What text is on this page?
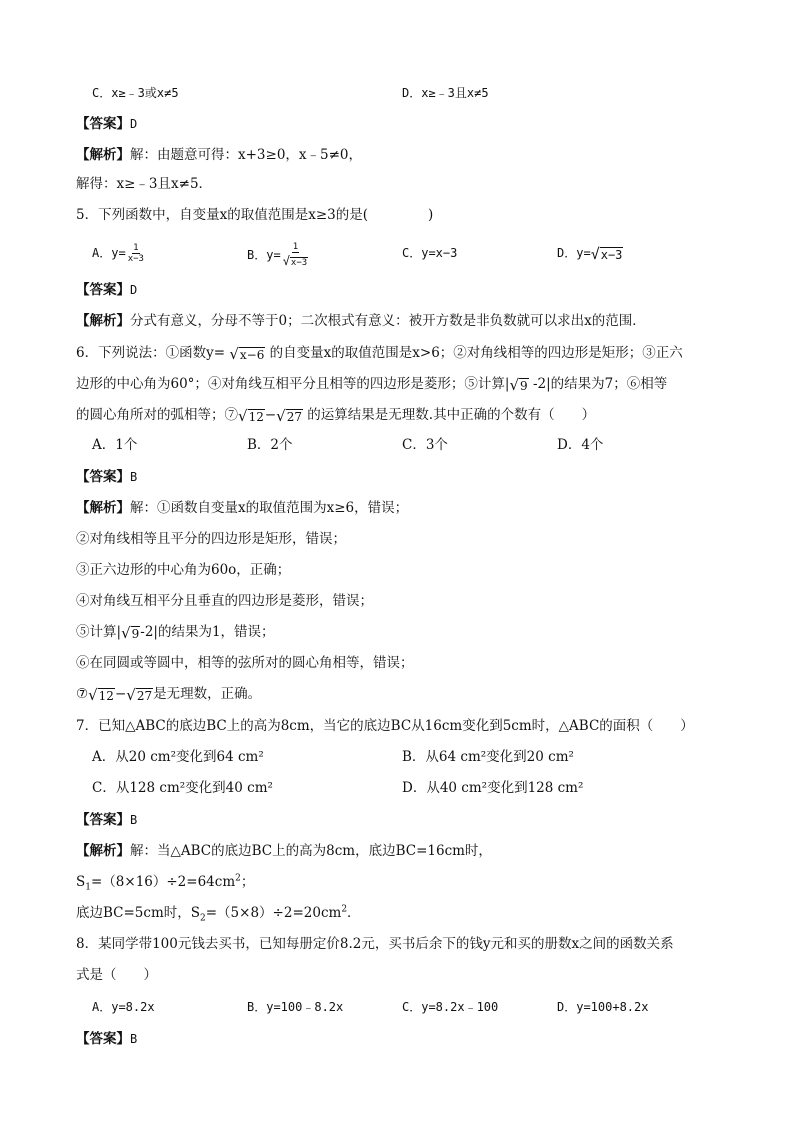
C．x≥﹣3或x≠5	D．x≥﹣3且x≠5
【答案】D
【解析】解：由题意可得：x+3≥0，x﹣5≠0，
解得：x≥﹣3且x≠5．
5．下列函数中，自变量x的取值范围是x≥3的是(	)
A．$y= \frac{1}{x-3}$	B．$y= \frac{1}{√ x-3}$	C．y=x−3	D．y= √ x−3
【答案】D
【解析】分式有意义，分母不等于0；二次根式有意义：被开方数是非负数就可以求出x的范围．
6．下列说法：①函数y= √ x−6 的自变量x的取值范围是x>6；②对角线相等的四边形是矩形；③正六
边形的中心角为60°；④对角线互相平分且相等的四边形是菱形；⑤计算| √ 9 -2|的结果为7；⑥相等
的圆心角所对的弧相等；⑦ √ 12 − √ 27 的运算结果是无理数.其中正确的个数有（　　）
A．1个	B．2个	C．3个	D．4个
【答案】B
【解析】解：①函数自变量x的取值范围为x≥6，错误；
②对角线相等且平分的四边形是矩形，错误；
③正六边形的中心角为60o，正确；
④对角线互相平分且垂直的四边形是菱形，错误；
⑤计算| √ 9 -2|的结果为1，错误；
⑥在同圆或等圆中，相等的弦所对的圆心角相等，错误；
⑦ √ 12 − √ 27 是无理数，正确。
7．已知△ABC的底边BC上的高为8cm，当它的底边BC从16cm变化到5cm时，△ABC的面积（　　）
A．从20 cm²变化到64 cm²	B．从64 cm²变化到20 cm²
C．从128 cm²变化到40 cm²	D．从40 cm²变化到128 cm²
【答案】B
【解析】解：当△ABC的底边BC上的高为8cm，底边BC=16cm时，
$S_1=(8\times 16)\div 2=64cm^2$；
底边BC=5cm时，$S_2=(5\times 8)\div 2=20cm^2$．
8．某同学带100元钱去买书，已知每册定价8.2元，买书后余下的钱y元和买的册数x之间的函数关系
式是（　　）
A．y=8.2x	B．y=100﹣8.2x	C．y=8.2x﹣100	D．y=100+8.2x
【答案】B
